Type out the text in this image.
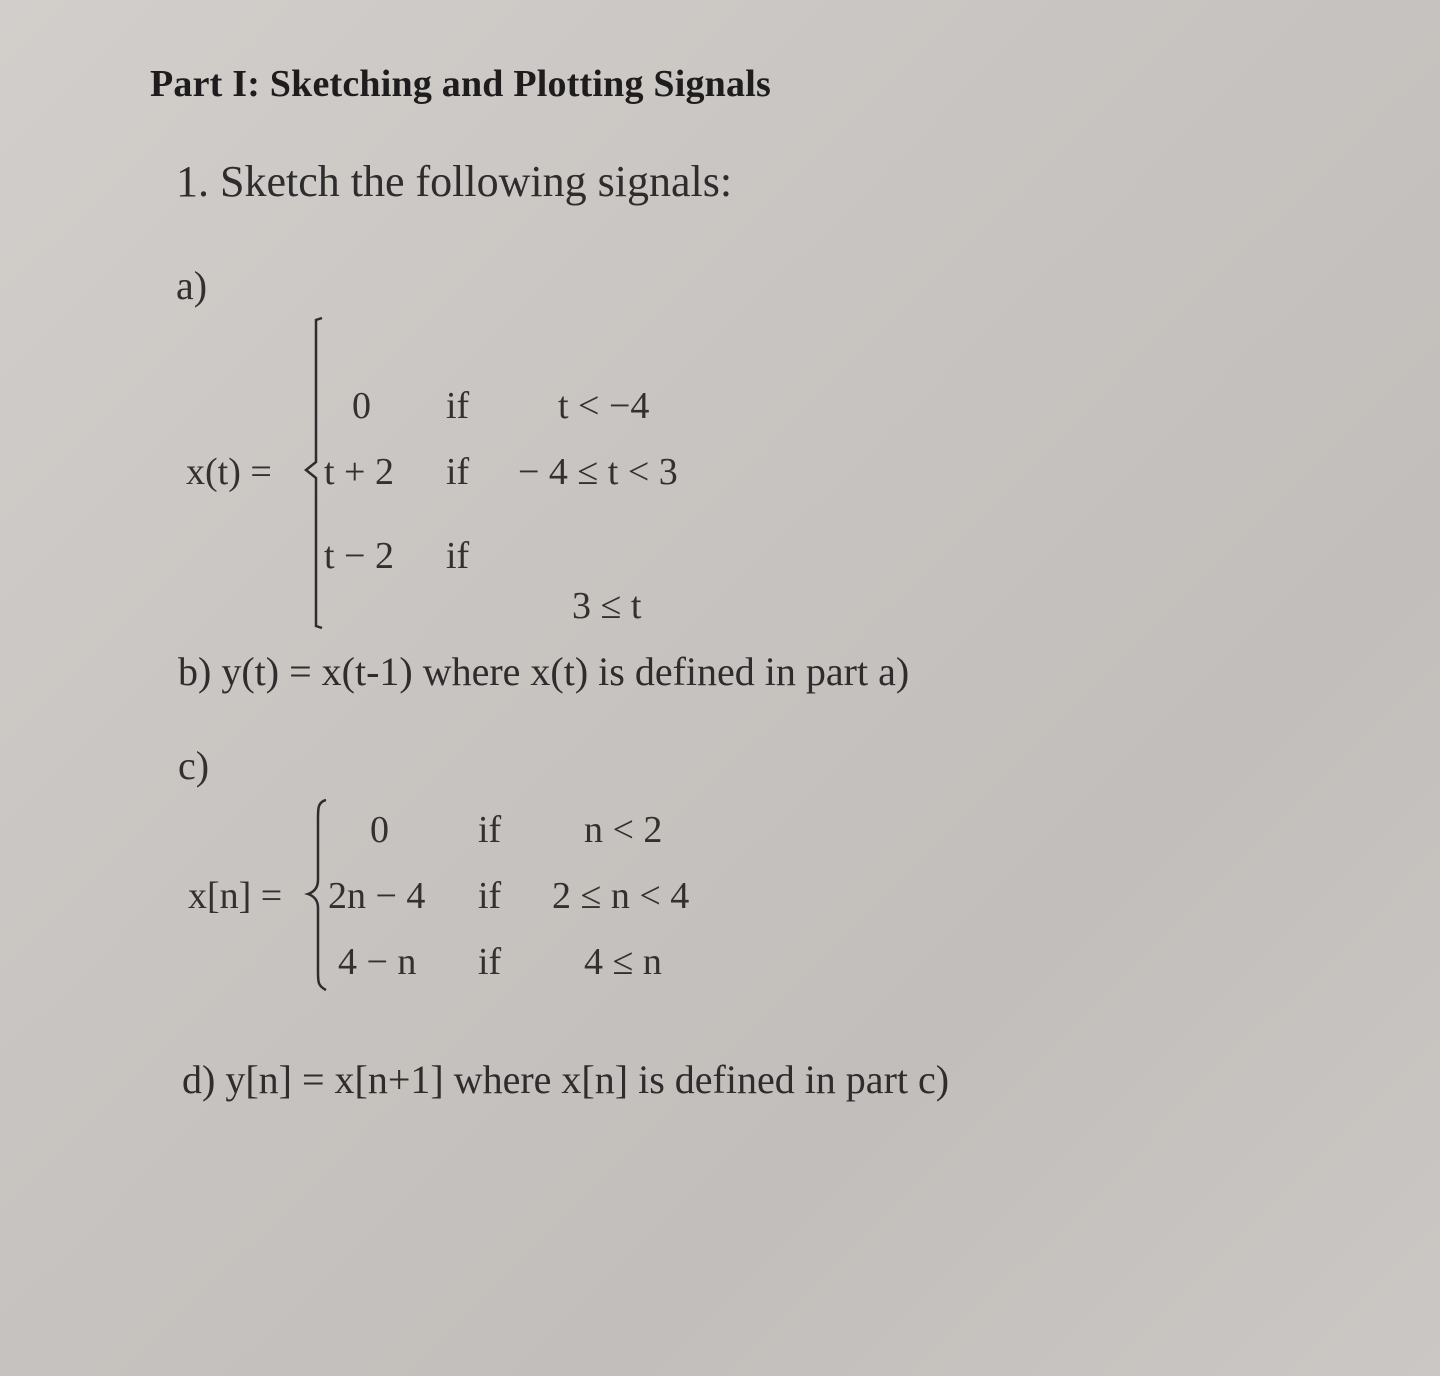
Part I: Sketching and Plotting Signals
1. Sketch the following signals:
a)
x(t) =
0 if t < −4
t + 2 if − 4 ≤ t < 3
t − 2 if
3 ≤ t
b) y(t) = x(t-1) where x(t) is defined in part a)
c)
x[n] =
0 if n < 2
2n − 4 if 2 ≤ n < 4
4 − n if 4 ≤ n
d) y[n] = x[n+1] where x[n] is defined in part c)
